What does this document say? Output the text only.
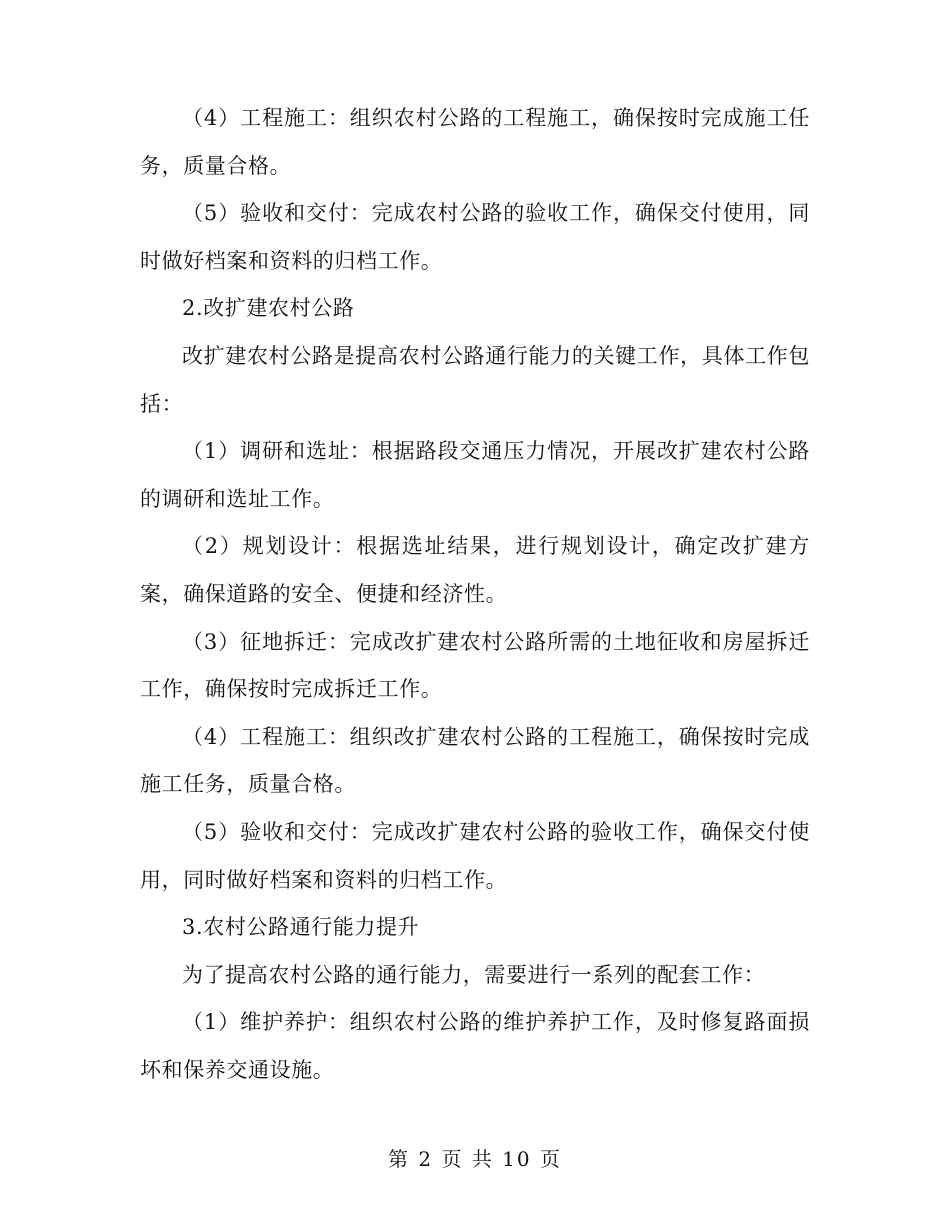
（4）工程施工：组织农村公路的工程施工，确保按时完成施工任务，质量合格。

（5）验收和交付：完成农村公路的验收工作，确保交付使用，同时做好档案和资料的归档工作。

2.改扩建农村公路

改扩建农村公路是提高农村公路通行能力的关键工作，具体工作包括：

（1）调研和选址：根据路段交通压力情况，开展改扩建农村公路的调研和选址工作。

（2）规划设计：根据选址结果，进行规划设计，确定改扩建方案，确保道路的安全、便捷和经济性。

（3）征地拆迁：完成改扩建农村公路所需的土地征收和房屋拆迁工作，确保按时完成拆迁工作。

（4）工程施工：组织改扩建农村公路的工程施工，确保按时完成施工任务，质量合格。

（5）验收和交付：完成改扩建农村公路的验收工作，确保交付使用，同时做好档案和资料的归档工作。

3.农村公路通行能力提升

为了提高农村公路的通行能力，需要进行一系列的配套工作：

（1）维护养护：组织农村公路的维护养护工作，及时修复路面损坏和保养交通设施。

第 2 页 共 10 页
